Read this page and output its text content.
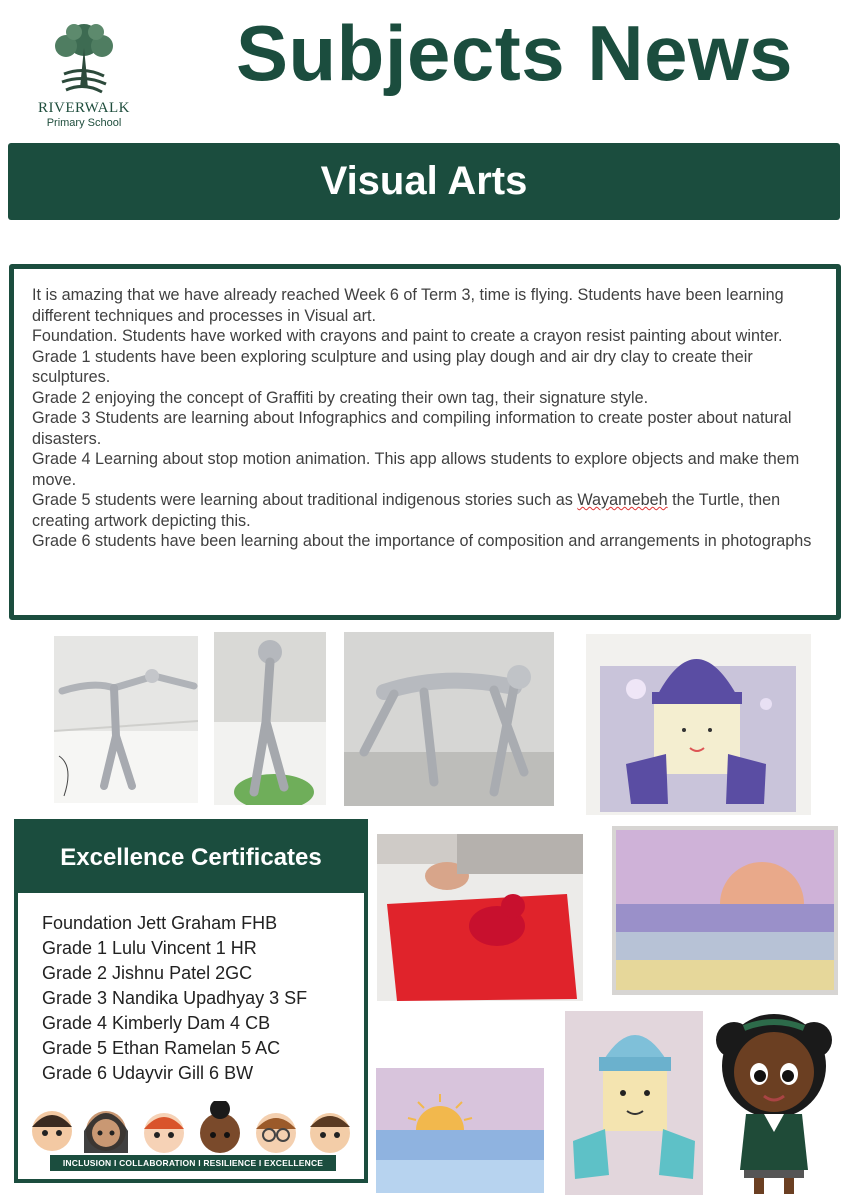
RIVERWALK
Primary School
Subjects News
Visual Arts

It is amazing that we have already reached Week 6 of Term 3, time is flying. Students have been learning different techniques and processes in Visual art.

Foundation. Students have worked with crayons and paint to create a crayon resist painting about winter.

Grade 1 students have been exploring sculpture and using play dough and air dry clay to create their sculptures.

Grade 2 enjoying the concept of Graffiti by creating their own tag, their signature style.

Grade 3 Students are learning about Infographics and compiling information to create poster about natural disasters.

Grade 4 Learning about stop motion animation. This app allows students to explore objects and make them move.

Grade 5 students were learning about traditional indigenous stories such as Wayamebeh the Turtle, then creating artwork depicting this.

Grade 6 students have been learning about the importance of composition and arrangements in photographs

Excellence Certificates
Foundation Jett Graham FHB
Grade 1 Lulu Vincent 1 HR
Grade 2 Jishnu Patel 2GC
Grade 3 Nandika Upadhyay 3 SF
Grade 4 Kimberly Dam 4 CB
Grade 5 Ethan Ramelan 5 AC
Grade 6 Udayvir Gill 6 BW
INCLUSION I COLLABORATION I RESILIENCE I EXCELLENCE
